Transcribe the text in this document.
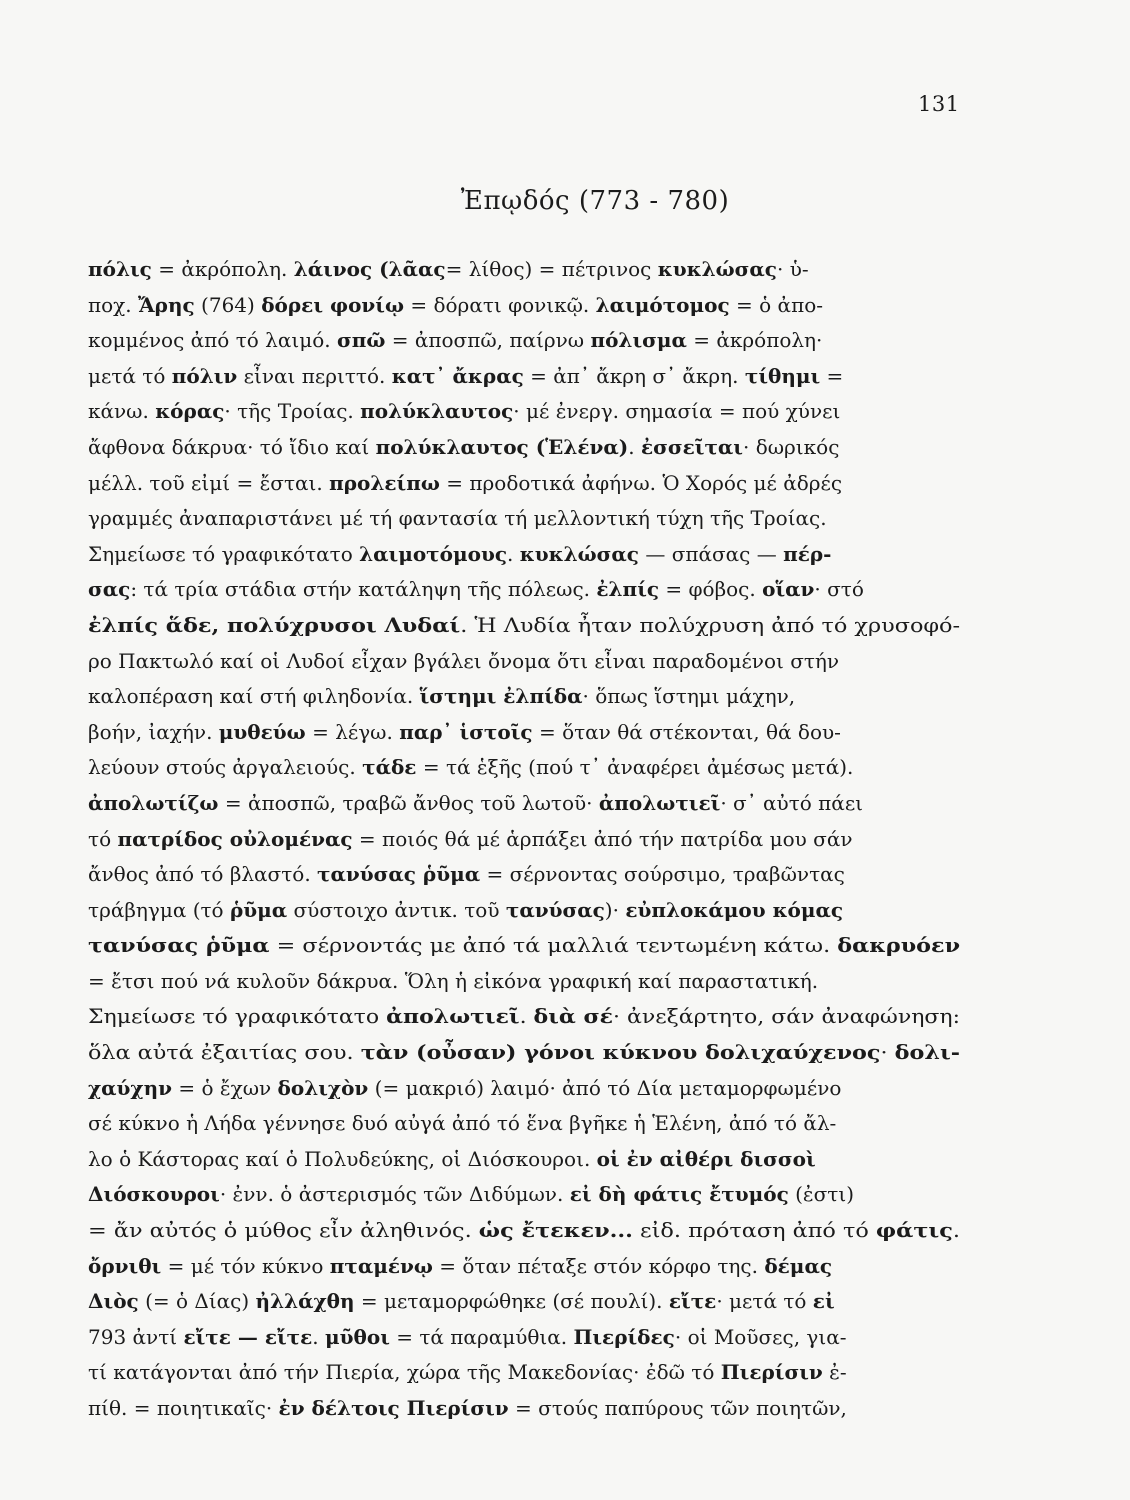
131
Ἐπῳδός (773 - 780)
πόλις = ἀκρόπολη. λάινος (λᾶας= λίθος) = πέτρινος κυκλώσας· ὑ-
ποχ. Ἄρης (764) δόρει φονίῳ = δόρατι φονικῷ. λαιμότομος = ὁ ἀπο-
κομμένος ἀπό τό λαιμό. σπῶ = ἀποσπῶ, παίρνω πόλισμα = ἀκρόπολη·
μετά τό πόλιν εἶναι περιττό. κατ᾽ ἄκρας = ἀπ᾽ ἄκρη σ᾽ ἄκρη. τίθημι =
κάνω. κόρας· τῆς Τροίας. πολύκλαυτος· μέ ἐνεργ. σημασία = πού χύνει
ἄφθονα δάκρυα· τό ἴδιο καί πολύκλαυτος (Ἑλένα). ἐσσεῖται· δωρικός
μέλλ. τοῦ εἰμί = ἔσται. προλείπω = προδοτικά ἀφήνω. Ὁ Χορός μέ ἀδρές
γραμμές ἀναπαριστάνει μέ τή φαντασία τή μελλοντική τύχη τῆς Τροίας.
Σημείωσε τό γραφικότατο λαιμοτόμους. κυκλώσας — σπάσας — πέρ-
σας: τά τρία στάδια στήν κατάληψη τῆς πόλεως. ἐλπίς = φόβος. οἵαν· στό
ἐλπίς ἅδε, πολύχρυσοι Λυδαί. Ἡ Λυδία ἦταν πολύχρυση ἀπό τό χρυσοφό-
ρο Πακτωλό καί οἱ Λυδοί εἶχαν βγάλει ὄνομα ὅτι εἶναι παραδομένοι στήν
καλοπέραση καί στή φιληδονία. ἵστημι ἐλπίδα· ὅπως ἵστημι μάχην,
βοήν, ἰαχήν. μυθεύω = λέγω. παρ᾽ ἱστοῖς = ὅταν θά στέκονται, θά δου-
λεύουν στούς ἀργαλειούς. τάδε = τά ἑξῆς (πού τ᾽ ἀναφέρει ἀμέσως μετά).
ἀπολωτίζω = ἀποσπῶ, τραβῶ ἄνθος τοῦ λωτοῦ· ἀπολωτιεῖ· σ᾽ αὐτό πάει
τό πατρίδος οὐλομένας = ποιός θά μέ ἁρπάξει ἀπό τήν πατρίδα μου σάν
ἄνθος ἀπό τό βλαστό. τανύσας ῥῦμα = σέρνοντας σούρσιμο, τραβῶντας
τράβηγμα (τό ῥῦμα σύστοιχο ἀντικ. τοῦ τανύσας)· εὐπλοκάμου κόμας
τανύσας ῥῦμα = σέρνοντάς με ἀπό τά μαλλιά τεντωμένη κάτω. δακρυόεν
= ἔτσι πού νά κυλοῦν δάκρυα. Ὅλη ἡ εἰκόνα γραφική καί παραστατική.
Σημείωσε τό γραφικότατο ἀπολωτιεῖ. διὰ σέ· ἀνεξάρτητο, σάν ἀναφώνηση:
ὅλα αὐτά ἐξαιτίας σου. τὰν (οὖσαν) γόνοι κύκνου δολιχαύχενος· δολι-
χαύχην = ὁ ἔχων δολιχὸν (= μακριό) λαιμό· ἀπό τό Δία μεταμορφωμένο
σέ κύκνο ἡ Λήδα γέννησε δυό αὐγά ἀπό τό ἕνα βγῆκε ἡ Ἑλένη, ἀπό τό ἄλ-
λο ὁ Κάστορας καί ὁ Πολυδεύκης, οἱ Διόσκουροι. οἱ ἐν αἰθέρι δισσοὶ
Διόσκουροι· ἐνν. ὁ ἀστερισμός τῶν Διδύμων. εἰ δὴ φάτις ἔτυμός (ἐστι)
= ἄν αὐτός ὁ μύθος εἶν ἀληθινός. ὡς ἔτεκεν... εἰδ. πρόταση ἀπό τό φάτις.
ὄρνιθι = μέ τόν κύκνο πταμένῳ = ὅταν πέταξε στόν κόρφο της. δέμας
Διὸς (= ὁ Δίας) ἠλλάχθη = μεταμορφώθηκε (σέ πουλί). εἴτε· μετά τό εἰ
793 ἀντί εἴτε — εἴτε. μῦθοι = τά παραμύθια. Πιερίδες· οἱ Μοῦσες, για-
τί κατάγονται ἀπό τήν Πιερία, χώρα τῆς Μακεδονίας· ἐδῶ τό Πιερίσιν ἐ-
πίθ. = ποιητικαῖς· ἐν δέλτοις Πιερίσιν = στούς παπύρους τῶν ποιητῶν,
